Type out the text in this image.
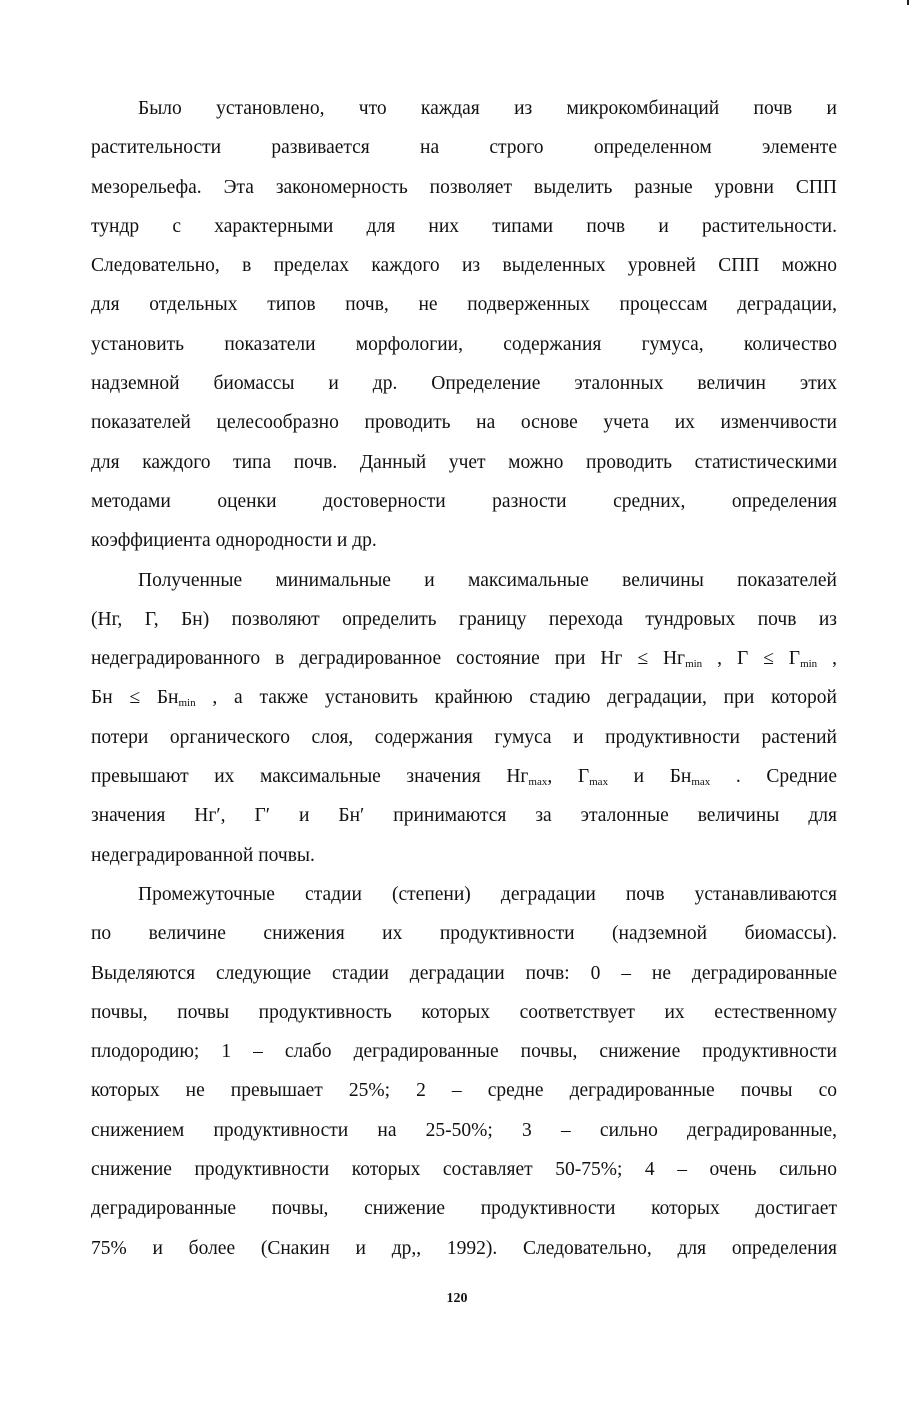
Было установлено, что каждая из микрокомбинаций почв и
растительности развивается на строго определенном элементе
мезорельефа. Эта закономерность позволяет выделить разные уровни СПП
тундр с характерными для них типами почв и растительности.
Следовательно, в пределах каждого из выделенных уровней СПП можно
для отдельных типов почв, не подверженных процессам деградации,
установить показатели морфологии, содержания гумуса, количество
надземной биомассы и др. Определение эталонных величин этих
показателей целесообразно проводить на основе учета их изменчивости
для каждого типа почв. Данный учет можно проводить статистическими
методами оценки достоверности разности средних, определения
коэффициента однородности и др.
Полученные минимальные и максимальные величины показателей
(Нг, Г, Бн) позволяют определить границу перехода тундровых почв из
недеградированного в деградированное состояние при Нг ≤ $Нг_{min}$ , $Г \le Г_{min}$ ,
Бн ≤ $Бн_{min}$ , а также установить крайнюю стадию деградации, при которой
потери органического слоя, содержания гумуса и продуктивности растений
превышают их максимальные значения $Нг_{max}$, $Г_{max}$ и $Бн_{max}$ . Средние
значения Нг′, Г′ и Бн′ принимаются за эталонные величины для
недеградированной почвы.
Промежуточные стадии (степени) деградации почв устанавливаются
по величине снижения их продуктивности (надземной биомассы).
Выделяются следующие стадии деградации почв: 0 – не деградированные
почвы, почвы продуктивность которых соответствует их естественному
плодородию; 1 – слабо деградированные почвы, снижение продуктивности
которых не превышает 25%; 2 – средне деградированные почвы со
снижением продуктивности на 25-50%; 3 – сильно деградированные,
снижение продуктивности которых составляет 50-75%; 4 – очень сильно
деградированные почвы, снижение продуктивности которых достигает
75% и более (Снакин и др,, 1992). Следовательно, для определения
120
